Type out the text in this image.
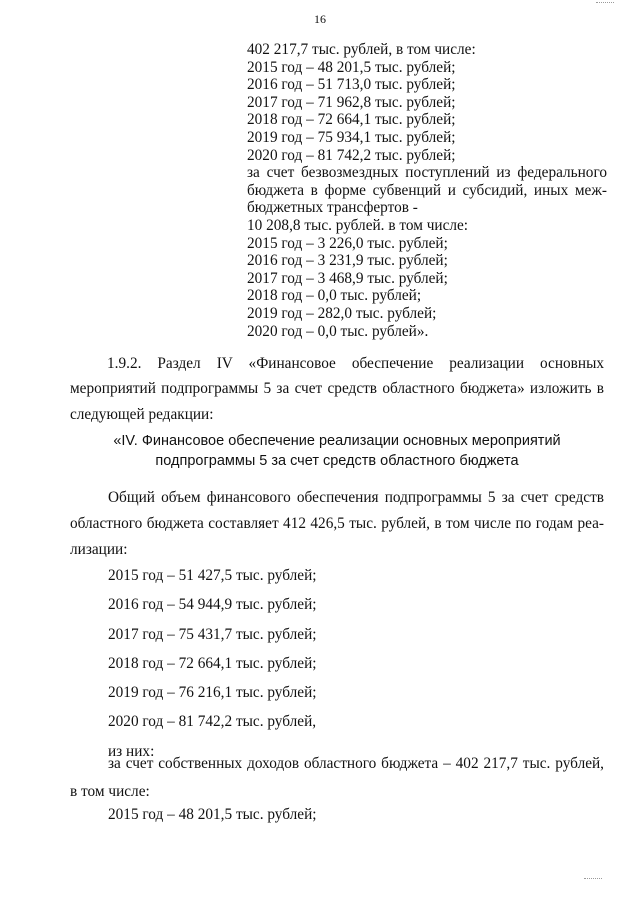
16
402 217,7 тыс. рублей, в том числе:
2015 год – 48 201,5 тыс. рублей;
2016 год – 51 713,0 тыс. рублей;
2017 год – 71 962,8 тыс. рублей;
2018 год – 72 664,1 тыс. рублей;
2019 год – 75 934,1 тыс. рублей;
2020 год – 81 742,2 тыс. рублей;
за счет безвозмездных поступлений из федерального
бюджета в форме субвенций и субсидий, иных меж-
бюджетных трансфертов -
10 208,8 тыс. рублей. в том числе:
2015 год – 3 226,0 тыс. рублей;
2016 год – 3 231,9 тыс. рублей;
2017 год – 3 468,9 тыс. рублей;
2018 год – 0,0 тыс. рублей;
2019 год – 282,0 тыс. рублей;
2020 год – 0,0 тыс. рублей».
1.9.2. Раздел IV «Финансовое обеспечение реализации основных
мероприятий подпрограммы 5 за счет средств областного бюджета» изложить в
следующей редакции:
«IV. Финансовое обеспечение реализации основных мероприятий
подпрограммы 5 за счет средств областного бюджета
Общий объем финансового обеспечения подпрограммы 5 за счет средств
областного бюджета составляет 412 426,5 тыс. рублей, в том числе по годам реа-
лизации:
2015 год – 51 427,5 тыс. рублей;
2016 год – 54 944,9 тыс. рублей;
2017 год – 75 431,7 тыс. рублей;
2018 год – 72 664,1 тыс. рублей;
2019 год – 76 216,1 тыс. рублей;
2020 год – 81 742,2 тыс. рублей,
из них:
за счет собственных доходов областного бюджета – 402 217,7 тыс. рублей,
в том числе:
2015 год – 48 201,5 тыс. рублей;
